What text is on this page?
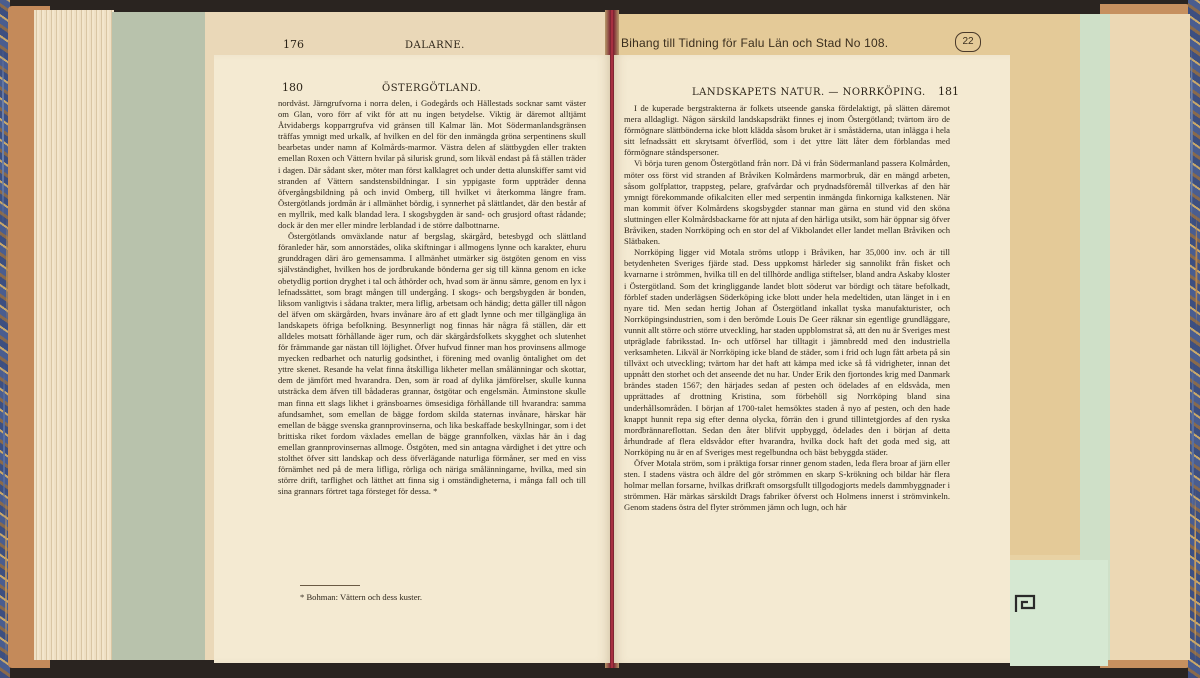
176	DALARNE.	Bihang till Tidning för Falu Län och Stad No 108.	22
180	ÖSTERGÖTLAND.

nordväst. Järngrufvorna i norra delen, i Godegårds och Hällestads socknar samt väster om Glan, voro förr af vikt för att nu ingen betydelse. Viktig är däremot alltjämt Åtvidabergs kopparrgrufva vid gränsen till Kalmar län. Mot Södermanlandsgränsen träffas ymnigt med urkalk, af hvilken en del för den inmängda gröna serpentinens skull bearbetas under namn af Kolmårds-marmor. Västra delen af slättbygden eller trakten emellan Roxen och Vättern hvilar på silurisk grund, som likväl endast på få ställen träder i dagen. Där sådant sker, möter man först kalklagret och under detta alunskiffer samt vid stranden af Vättern sandstensbildningar. I sin yppigaste form uppträder denna öfvergångsbildning på och invid Omberg, till hvilket vi återkomma längre fram. Östergötlands jordmån är i allmänhet bördig, i synnerhet på slättlandet, där den består af en myllrik, med kalk blandad lera. I skogsbygden är sand- och grusjord oftast rådande; dock är den mer eller mindre lerblandad i de större dalbottnarne.

Östergötlands omväxlande natur af bergslag, skärgård, betesbygd och slättland föranleder här, som annorstädes, olika skiftningar i allmogens lynne och karakter, ehuru grunddragen däri äro gemensamma. I allmänhet utmärker sig östgöten genom en viss självständighet, hvilken hos de jordbrukande bönderna ger sig till känna genom en icke obetydlig portion dryghet i tal och åthörder och, hvad som är ännu sämre, genom en lyx i lefnadssättet, som bragt mången till undergång. I skogs- och bergsbygden är bonden, liksom vanligtvis i sådana trakter, mera liflig, arbetsam och händig; detta gäller till någon del äfven om skärgården, hvars invånare äro af ett gladt lynne och mer tillgängliga än landskapets öfriga befolkning. Besynnerligt nog finnas här några få ställen, där ett alldeles motsatt förhållande äger rum, och där skärgårdsfolkets skygghet och slutenhet för främmande gar nästan till löjlighet. Öfver hufvud finner man hos provinsens allmoge myecken redbarhet och naturlig godsinthet, i förening med ovanlig öntalighet om det yttre skenet. Resande ha velat finna åtskilliga likheter mellan smålänningar och skottar, dem de jämfört med hvarandra. Den, som är road af dylika jämförelser, skulle kunna utsträcka dem äfven till bådaderas grannar, östgötar och engelsmän. Åtminstone skulle man finna ett slags likhet i gränsboarnes ömsesidiga förhållande till hvarandra: samma afundsamhet, som emellan de bägge fordom skilda staternas invånare, härskar här emellan de bägge svenska grannprovinserna, och lika beskaffade beskyllningar, som i det brittiska riket fordom växlades emellan de bägge grannfolken, växlas här än i dag emellan grannprovinsernas allmoge. Östgöten, med sin antagna värdighet i det yttre och stolthet öfver sitt landskap och dess öfverlägande naturliga förmåner, ser med en viss förnämhet ned på de mera lifliga, rörliga och näriga smålänningarne, hvilka, med sin större drift, tarflighet och lätthet att finna sig i omständigheterna, i många fall och till sina grannars förtret taga försteget för dessa. *

* Bohman: Vättern och dess kuster.
LANDSKAPETS NATUR. — NORRKÖPING. 181

I de kuperade bergstrakterna är folkets utseende ganska fördelaktigt, på slätten däremot mera alldagligt. Någon särskild landskapsdräkt finnes ej inom Östergötland; tvärtom äro de förmögnare slättbönderna icke blott klädda såsom bruket är i småstäderna, utan inlägga i hela sitt lefnadssätt ett skrytsamt öfverflöd, som i det yttre lätt låter dem förblandas med förmögnare ståndspersoner.

Vi börja turen genom Östergötland från norr. Då vi från Södermanland passera Kolmården, möter oss först vid stranden af Bråviken Kolmårdens marmorbruk, där en mängd arbeten, såsom golfplattor, trappsteg, pelare, grafvårdar och prydnadsföremål tillverkas af den här ymnigt förekommande ofikalciten eller med serpentin inmängda finkorniga kalkstenen. När man kommit öfver Kolmårdens skogsbygder stannar man gärna en stund vid den sköna sluttningen eller Kolmårdsbackarne för att njuta af den härliga utsikt, som här öppnar sig öfver Bråviken, staden Norrköping och en stor del af Vikbolandet eller landet mellan Bråviken och Slätbaken.

Norrköping ligger vid Motala ströms utlopp i Bråviken, har 35,000 inv. och är till betydenheten Sveriges fjärde stad. Dess uppkomst härleder sig sannolikt från fisket och kvarnarne i strömmen, hvilka till en del tillhörde andliga stiftelser, bland andra Askaby kloster i Östergötland. Som det kringliggande landet blott söderut var bördigt och tätare befolkadt, förblef staden underlägsen Söderköping icke blott under hela medeltiden, utan länget in i en nyare tid. Men sedan hertig Johan af Östergötland inkallat tyska manufakturister, och Norrköpingsindustrien, som i den berömde Louis De Geer räknar sin egentlige grundläggare, vunnit allt större och större utveckling, har staden uppblomstrat så, att den nu är Sveriges mest utpräglade fabriksstad. In- och utförsel har tilltagit i jämnbredd med den industriella verksamheten. Likväl är Norrköping icke bland de städer, som i frid och lugn fått arbeta på sin tillväxt och utveckling; tvärtom har det haft att kämpa med icke så få vidrigheter, innan det uppnått den storhet och det anseende det nu har. Under Erik den fjortondes krig med Danmark brändes staden 1567; den härjades sedan af pesten och ödelades af en eldsvåda, men upprättades af drottning Kristina, som förbehöll sig Norrköping bland sina underhållsområden. I början af 1700-talet hemsöktes staden å nyo af pesten, och den hade knappt hunnit repa sig efter denna olycka, förrän den i grund tillintetgjordes af den ryska mordbrännareflottan. Sedan den åter blifvit uppbyggd, ödelades den i början af detta århundrade af flera eldsvådor efter hvarandra, hvilka dock haft det goda med sig, att Norrköping nu är en af Sveriges mest regelbundna och bäst bebyggda städer.

Öfver Motala ström, som i präktiga forsar rinner genom staden, leda flera broar af järn eller sten. I stadens västra och äldre del gör strömmen en skarp S-krökning och bildar här flera holmar mellan forsarne, hvilkas drifkraft omsorgsfullt tillgodogjorts medels dammbyggnader i strömmen. Här märkas särskildt Drags fabriker öfverst och Holmens innerst i strömvinkeln. Genom stadens östra del flyter strömmen jämn och lugn, och här
